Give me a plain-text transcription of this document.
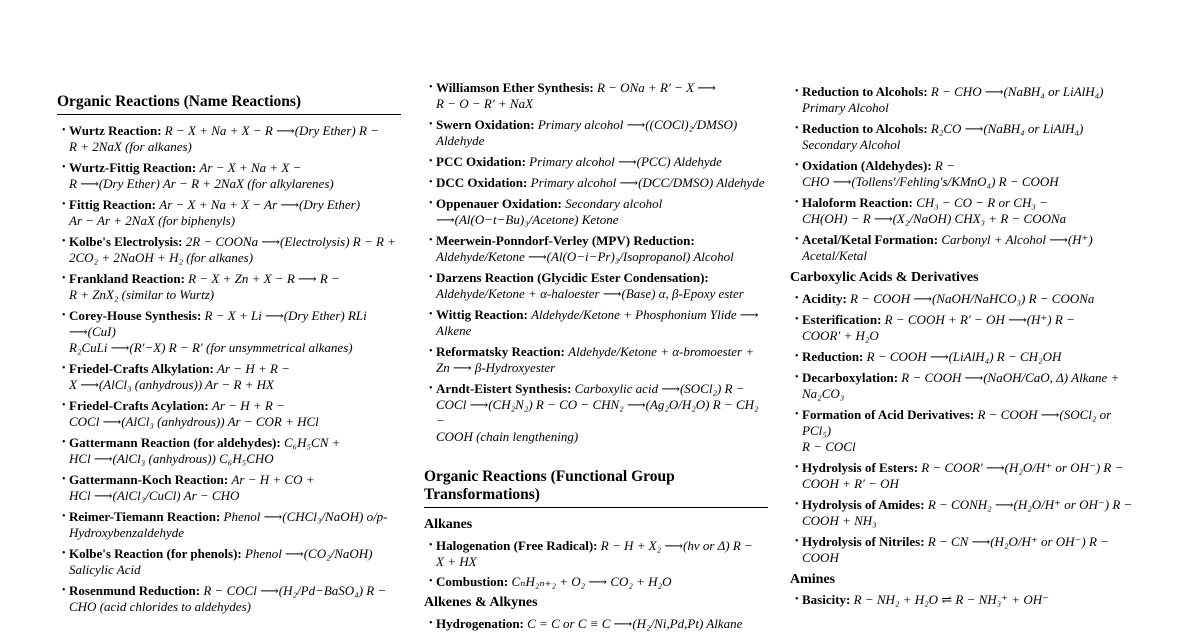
Organic Reactions (Name Reactions)
• Wurtz Reaction: R − X + Na + X − R ⟶(Dry Ether) R −
R + 2NaX (for alkanes)
• Wurtz-Fittig Reaction: Ar − X + Na + X −
R ⟶(Dry Ether) Ar − R + 2NaX (for alkylarenes)
• Fittig Reaction: Ar − X + Na + X − Ar ⟶(Dry Ether)
Ar − Ar + 2NaX (for biphenyls)
• Kolbe's Electrolysis: 2R − COONa ⟶(Electrolysis) R − R +
2CO₂ + 2NaOH + H₂ (for alkanes)
• Frankland Reaction: R − X + Zn + X − R ⟶ R −
R + ZnX₂ (similar to Wurtz)
• Corey-House Synthesis: R − X + Li ⟶(Dry Ether) RLi ⟶(CuI)
R₂CuLi ⟶(R′−X) R − R′ (for unsymmetrical alkanes)
• Friedel-Crafts Alkylation: Ar − H + R −
X ⟶(AlCl₃ (anhydrous)) Ar − R + HX
• Friedel-Crafts Acylation: Ar − H + R −
COCl ⟶(AlCl₃ (anhydrous)) Ar − COR + HCl
• Gattermann Reaction (for aldehydes): C₆H₅CN +
HCl ⟶(AlCl₃ (anhydrous)) C₆H₅CHO
• Gattermann-Koch Reaction: Ar − H + CO +
HCl ⟶(AlCl₃/CuCl) Ar − CHO
• Reimer-Tiemann Reaction: Phenol ⟶(CHCl₃/NaOH) o/p-
Hydroxybenzaldehyde
• Kolbe's Reaction (for phenols): Phenol ⟶(CO₂/NaOH)
Salicylic Acid
• Rosenmund Reduction: R − COCl ⟶(H₂/Pd−BaSO₄) R −
CHO (acid chlorides to aldehydes)
• Williamson Ether Synthesis: R − ONa + R′ − X ⟶
R − O − R′ + NaX
• Swern Oxidation: Primary alcohol ⟶((COCl)₂/DMSO)
Aldehyde
• PCC Oxidation: Primary alcohol ⟶(PCC) Aldehyde
• DCC Oxidation: Primary alcohol ⟶(DCC/DMSO) Aldehyde
• Oppenauer Oxidation: Secondary alcohol
⟶(Al(O−t−Bu)₃/Acetone) Ketone
• Meerwein-Ponndorf-Verley (MPV) Reduction:
Aldehyde/Ketone ⟶(Al(O−i−Pr)₃/Isopropanol) Alcohol
• Darzens Reaction (Glycidic Ester Condensation):
Aldehyde/Ketone + α-haloester ⟶(Base) α, β-Epoxy ester
• Wittig Reaction: Aldehyde/Ketone + Phosphonium Ylide ⟶
Alkene
• Reformatsky Reaction: Aldehyde/Ketone + α-bromoester +
Zn ⟶ β-Hydroxyester
• Arndt-Eistert Synthesis: Carboxylic acid ⟶(SOCl₂) R −
COCl ⟶(CH₂N₂) R − CO − CHN₂ ⟶(Ag₂O/H₂O) R − CH₂ −
COOH (chain lengthening)
Organic Reactions (Functional Group Transformations)
Alkanes
• Halogenation (Free Radical): R − H + X₂ ⟶(hν or Δ) R −
X + HX
• Combustion: CₙH₂ₙ₊₂ + O₂ ⟶ CO₂ + H₂O
Alkenes & Alkynes
• Hydrogenation: C = C or C ≡ C ⟶(H₂/Ni,Pd,Pt) Alkane
• Reduction to Alcohols: R − CHO ⟶(NaBH₄ or LiAlH₄)
Primary Alcohol
• Reduction to Alcohols: R₂CO ⟶(NaBH₄ or LiAlH₄)
Secondary Alcohol
• Oxidation (Aldehydes): R −
CHO ⟶(Tollens′/Fehling′s/KMnO₄) R − COOH
• Haloform Reaction: CH₃ − CO − R or CH₃ −
CH(OH) − R ⟶(X₂/NaOH) CHX₃ + R − COONa
• Acetal/Ketal Formation: Carbonyl + Alcohol ⟶(H⁺)
Acetal/Ketal
Carboxylic Acids & Derivatives
• Acidity: R − COOH ⟶(NaOH/NaHCO₃) R − COONa
• Esterification: R − COOH + R′ − OH ⟶(H⁺) R −
COOR′ + H₂O
• Reduction: R − COOH ⟶(LiAlH₄) R − CH₂OH
• Decarboxylation: R − COOH ⟶(NaOH/CaO, Δ) Alkane +
Na₂CO₃
• Formation of Acid Derivatives: R − COOH ⟶(SOCl₂ or PCl₅)
R − COCl
• Hydrolysis of Esters: R − COOR′ ⟶(H₂O/H⁺ or OH⁻) R −
COOH + R′ − OH
• Hydrolysis of Amides: R − CONH₂ ⟶(H₂O/H⁺ or OH⁻) R −
COOH + NH₃
• Hydrolysis of Nitriles: R − CN ⟶(H₂O/H⁺ or OH⁻) R −
COOH
Amines
• Basicity: R − NH₂ + H₂O ⇌ R − NH₃⁺ + OH⁻
